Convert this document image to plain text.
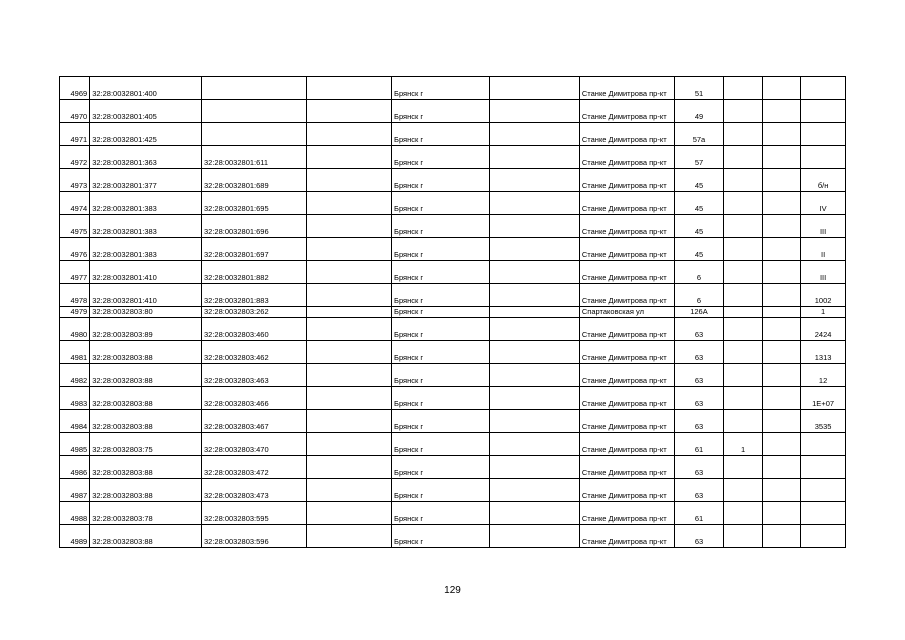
4969	32:28:0032801:400			Брянск г		Станке Димитрова пр-кт	51			
4970	32:28:0032801:405			Брянск г		Станке Димитрова пр-кт	49			
4971	32:28:0032801:425			Брянск г		Станке Димитрова пр-кт	57а			
4972	32:28:0032801:363	32:28:0032801:611		Брянск г		Станке Димитрова пр-кт	57			
4973	32:28:0032801:377	32:28:0032801:689		Брянск г		Станке Димитрова пр-кт	45			б/н
4974	32:28:0032801:383	32:28:0032801:695		Брянск г		Станке Димитрова пр-кт	45			IV
4975	32:28:0032801:383	32:28:0032801:696		Брянск г		Станке Димитрова пр-кт	45			III
4976	32:28:0032801:383	32:28:0032801:697		Брянск г		Станке Димитрова пр-кт	45			II
4977	32:28:0032801:410	32:28:0032801:882		Брянск г		Станке Димитрова пр-кт	6			III
4978	32:28:0032801:410	32:28:0032801:883		Брянск г		Станке Димитрова пр-кт	6			1002
4979	32:28:0032803:80	32:28:0032803:262		Брянск г		Спартаковская ул	126А			1
4980	32:28:0032803:89	32:28:0032803:460		Брянск г		Станке Димитрова пр-кт	63			2424
4981	32:28:0032803:88	32:28:0032803:462		Брянск г		Станке Димитрова пр-кт	63			1313
4982	32:28:0032803:88	32:28:0032803:463		Брянск г		Станке Димитрова пр-кт	63			12
4983	32:28:0032803:88	32:28:0032803:466		Брянск г		Станке Димитрова пр-кт	63			1E+07
4984	32:28:0032803:88	32:28:0032803:467		Брянск г		Станке Димитрова пр-кт	63			3535
4985	32:28:0032803:75	32:28:0032803:470		Брянск г		Станке Димитрова пр-кт	61	1		
4986	32:28:0032803:88	32:28:0032803:472		Брянск г		Станке Димитрова пр-кт	63			
4987	32:28:0032803:88	32:28:0032803:473		Брянск г		Станке Димитрова пр-кт	63			
4988	32:28:0032803:78	32:28:0032803:595		Брянск г		Станке Димитрова пр-кт	61			
4989	32:28:0032803:88	32:28:0032803:596		Брянск г		Станке Димитрова пр-кт	63			
129
